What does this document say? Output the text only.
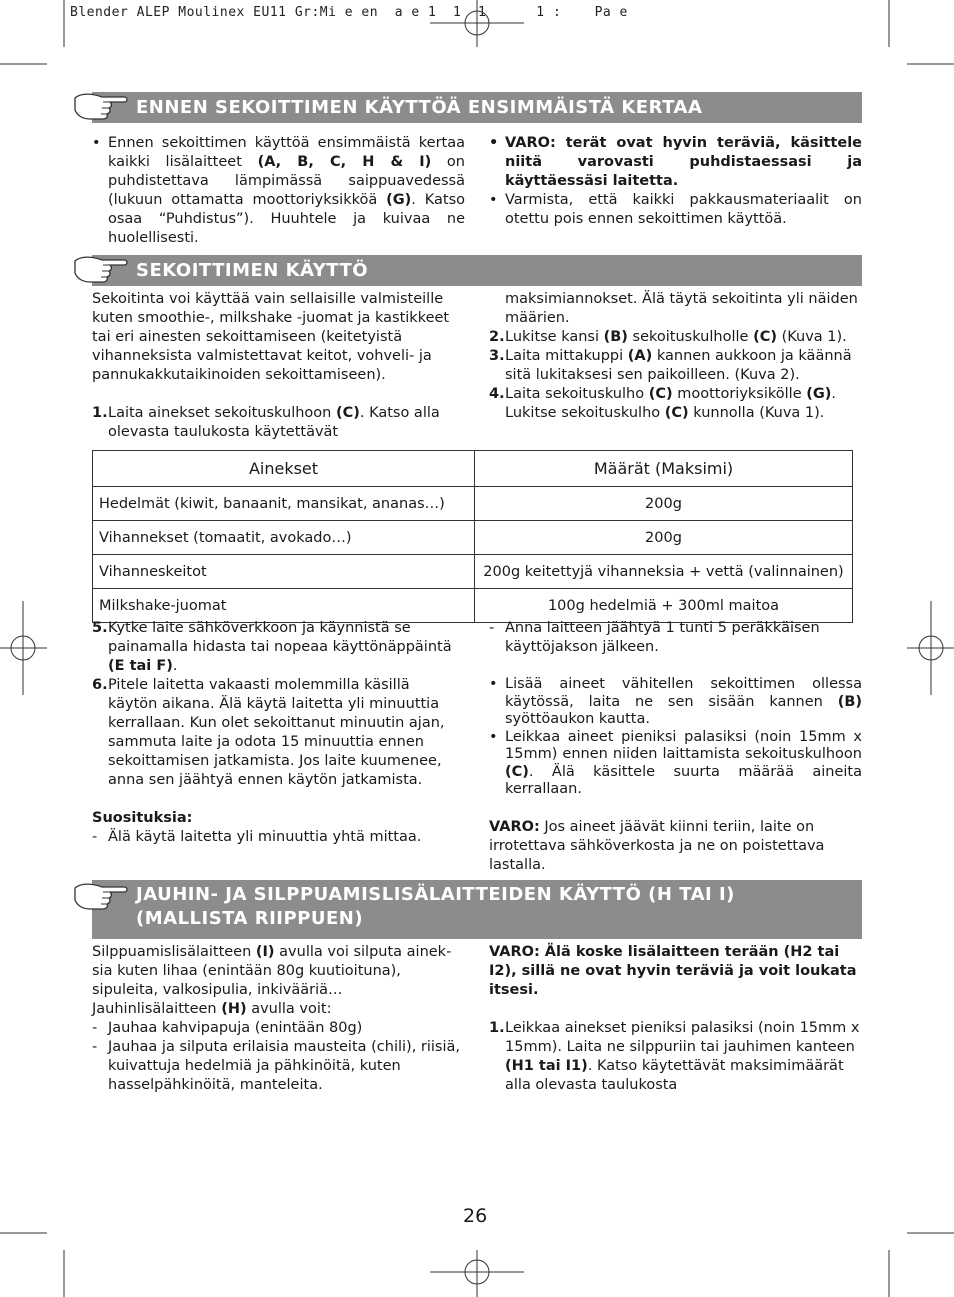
Blender ALEP Moulinex EU11 Gr:Mi e en  a e 1  1  1      1 :    Pa e
ENNEN SEKOITTIMEN KÄYTTÖÄ ENSIMMÄISTÄ KERTAA
• Ennen sekoittimen käyttöä ensimmäistä kertaa kaikki lisälaitteet (A, B, C, H & I) on puhdistettava lämpimässä saippuavedessä (lukuun ottamatta moottoriyksikköä (G). Katso osaa “Puhdistus”). Huuhtele ja kuivaa ne huolellisesti.
• VARO: terät ovat hyvin teräviä, käsittele niitä varovasti puhdistaessasi ja käyttäessäsi laitetta.
• Varmista, että kaikki pakkausmateriaalit on otettu pois ennen sekoittimen käyttöä.
SEKOITTIMEN KÄYTTÖ

Sekoitinta voi käyttää vain sellaisille valmisteille kuten smoothie-, milkshake -juomat ja kastikkeet tai eri ainesten sekoittamiseen (keitetyistä vihanneksista valmistettavat keitot, vohveli- ja pannukakkutaikinoiden sekoittamiseen).

1. Laita ainekset sekoituskulhoon (C). Katso alla olevasta taulukosta käytettävät

maksimiannokset. Älä täytä sekoitinta yli näiden määrien.

2. Lukitse kansi (B) sekoituskulholle (C) (Kuva 1).
3. Laita mittakuppi (A) kannen aukkoon ja käännä sitä lukitaksesi sen paikoilleen. (Kuva 2).
4. Laita sekoituskulho (C) moottoriyksikölle (G). Lukitse sekoituskulho (C) kunnolla (Kuva 1).
Ainekset	Määrät (Maksimi)
Hedelmät (kiwit, banaanit, mansikat, ananas…)	200g
Vihannekset (tomaatit, avokado…)	200g
Vihanneskeitot	200g keitettyjä vihanneksia + vettä (valinnainen)
Milkshake-juomat	100g hedelmiä + 300ml maitoa
5. Kytke laite sähköverkkoon ja käynnistä se painamalla hidasta tai nopeaa käyttönäppäintä (E tai F).
6. Pitele laitetta vakaasti molemmilla käsillä käytön aikana. Älä käytä laitetta yli minuuttia kerrallaan. Kun olet sekoittanut minuutin ajan, sammuta laite ja odota 15 minuuttia ennen sekoittamisen jatkamista. Jos laite kuumenee, anna sen jäähtyä ennen käytön jatkamista.

Suosituksia:

- Älä käytä laitetta yli minuuttia yhtä mittaa.
- Anna laitteen jäähtyä 1 tunti 5 peräkkäisen käyttöjakson jälkeen.
• Lisää aineet vähitellen sekoittimen ollessa käytössä, laita ne sen sisään kannen (B) syöttöaukon kautta.
• Leikkaa aineet pieniksi palasiksi (noin 15mm x 15mm) ennen niiden laittamista sekoituskulhoon (C). Älä käsittele suurta määrää aineita kerrallaan.

VARO: Jos aineet jäävät kiinni teriin, laite on irrotettava sähköverkosta ja ne on poistettava lastalla.

JAUHIN- JA SILPPUAMISLISÄLAITTEIDEN KÄYTTÖ (H TAI I)
(MALLISTA RIIPPUEN)

Silppuamislisälaitteen (I) avulla voi silputa aineksia kuten lihaa (enintään 80g kuutioituna), sipuleita, valkosipulia, inkivääriä…

Jauhinlisälaitteen (H) avulla voit:

- Jauhaa kahvipapuja (enintään 80g)
- Jauhaa ja silputa erilaisia mausteita (chili), riisiä, kuivattuja hedelmiä ja pähkinöitä, kuten hasselpähkinöitä, manteleita.

VARO: Älä koske lisälaitteen terään (H2 tai I2), sillä ne ovat hyvin teräviä ja voit loukata itsesi.

1. Leikkaa ainekset pieniksi palasiksi (noin 15mm x 15mm). Laita ne silppuriin tai jauhimen kanteen (H1 tai I1). Katso käytettävät maksimimäärät alla olevasta taulukosta
26
